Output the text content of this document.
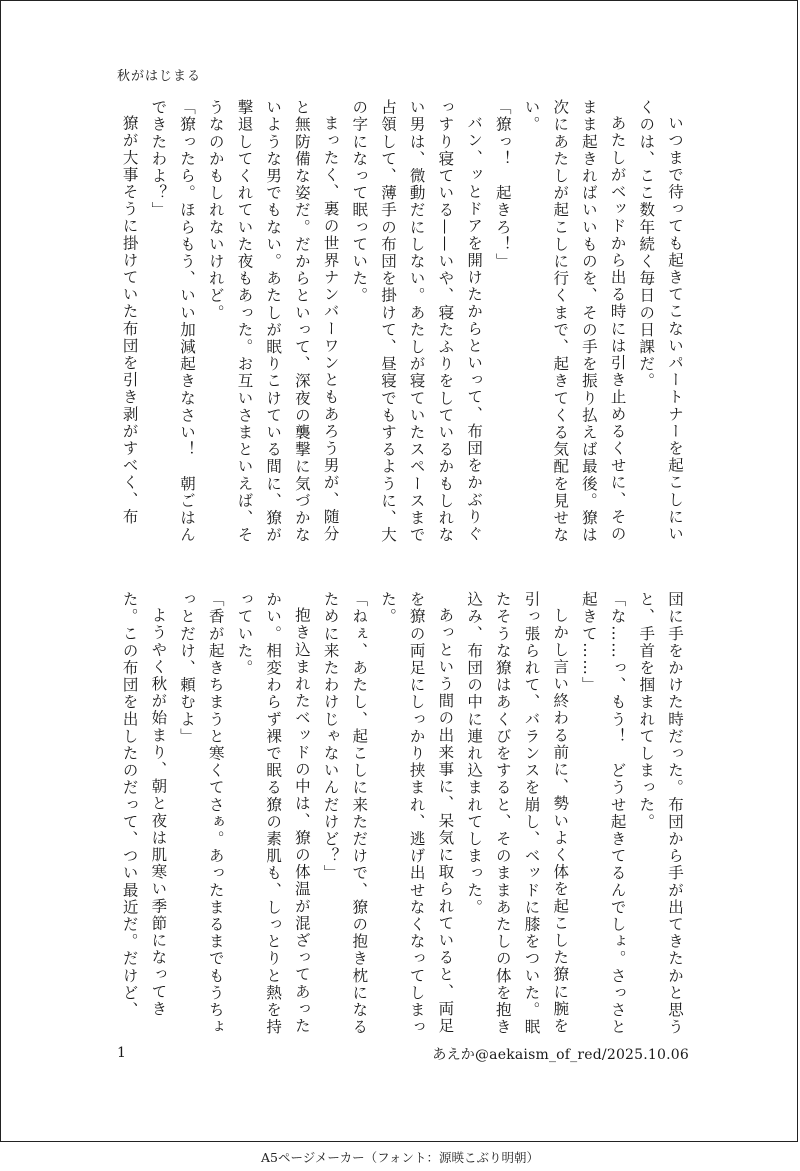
秋がはじまる

いつまで待っても起きてこないパートナーを起こしにいくのは、ここ数年続く毎日の日課だ。

あたしがベッドから出る時には引き止めるくせに、そのまま起きればいいものを、その手を振り払えば最後。獠は次にあたしが起こしに行くまで、起きてくる気配を見せない。

「獠っ！　起きろ！」

バン、ッとドアを開けたからといって、布団をかぶりぐっすり寝ている——いや、寝たふりをしているかもしれない男は、微動だにしない。あたしが寝ていたスペースまで占領して、薄手の布団を掛けて、昼寝でもするように、大の字になって眠っていた。

まったく、裏の世界ナンバーワンともあろう男が、随分と無防備な姿だ。だからといって、深夜の襲撃に気づかないような男でもない。あたしが眠りこけている間に、獠が撃退してくれていた夜もあった。お互いさまといえば、そうなのかもしれないけれど。

「獠ったら。ほらもう、いい加減起きなさい！　朝ごはんできたわよ？」

獠が大事そうに掛けていた布団を引き剥がすべく、布

団に手をかけた時だった。布団から手が出てきたかと思うと、手首を掴まれてしまった。

「な……っ、もう！　どうせ起きてるんでしょ。さっさと起きて……」

しかし言い終わる前に、勢いよく体を起こした獠に腕を引っ張られて、バランスを崩し、ベッドに膝をついた。眠たそうな獠はあくびをすると、そのままあたしの体を抱き込み、布団の中に連れ込まれてしまった。

あっという間の出来事に、呆気に取られていると、両足を獠の両足にしっかり挟まれ、逃げ出せなくなってしまった。

「ねぇ、あたし、起こしに来ただけで、獠の抱き枕になるために来たわけじゃないんだけど？」

抱き込まれたベッドの中は、獠の体温が混ざってあったかい。相変わらず裸で眠る獠の素肌も、しっとりと熱を持っていた。

「香が起きちまうと寒くてさぁ。あったまるまでもうちょっとだけ、頼むよ」

ようやく秋が始まり、朝と夜は肌寒い季節になってきた。この布団を出したのだって、つい最近だ。だけど、

1	あえか@aekaism_of_red/2025.10.06
A5ページメーカー（フォント：源暎こぶり明朝）
